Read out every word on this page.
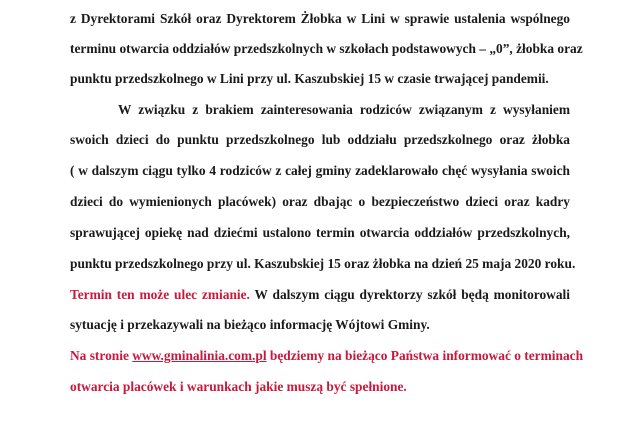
z Dyrektorami Szkół oraz Dyrektorem Żłobka w Lini w sprawie ustalenia wspólnego
terminu otwarcia oddziałów przedszkolnych w szkołach podstawowych – „0”, żłobka oraz
punktu przedszkolnego w Lini przy ul. Kaszubskiej 15 w czasie trwającej pandemii.
W związku z brakiem zainteresowania rodziców związanym z wysyłaniem
swoich dzieci do punktu przedszkolnego lub oddziału przedszkolnego oraz żłobka
( w dalszym ciągu tylko 4 rodziców z całej gminy zadeklarowało chęć wysyłania swoich
dzieci do wymienionych placówek) oraz dbając o bezpieczeństwo dzieci oraz kadry
sprawującej opiekę nad dziećmi ustalono termin otwarcia oddziałów przedszkolnych,
punktu przedszkolnego przy ul. Kaszubskiej 15 oraz żłobka na dzień 25 maja 2020 roku.
Termin ten może ulec zmianie. W dalszym ciągu dyrektorzy szkół będą monitorowali
sytuację i przekazywali na bieżąco informację Wójtowi Gminy.
Na stronie www.gminalinia.com.pl będziemy na bieżąco Państwa informować o terminach
otwarcia placówek i warunkach jakie muszą być spełnione.
